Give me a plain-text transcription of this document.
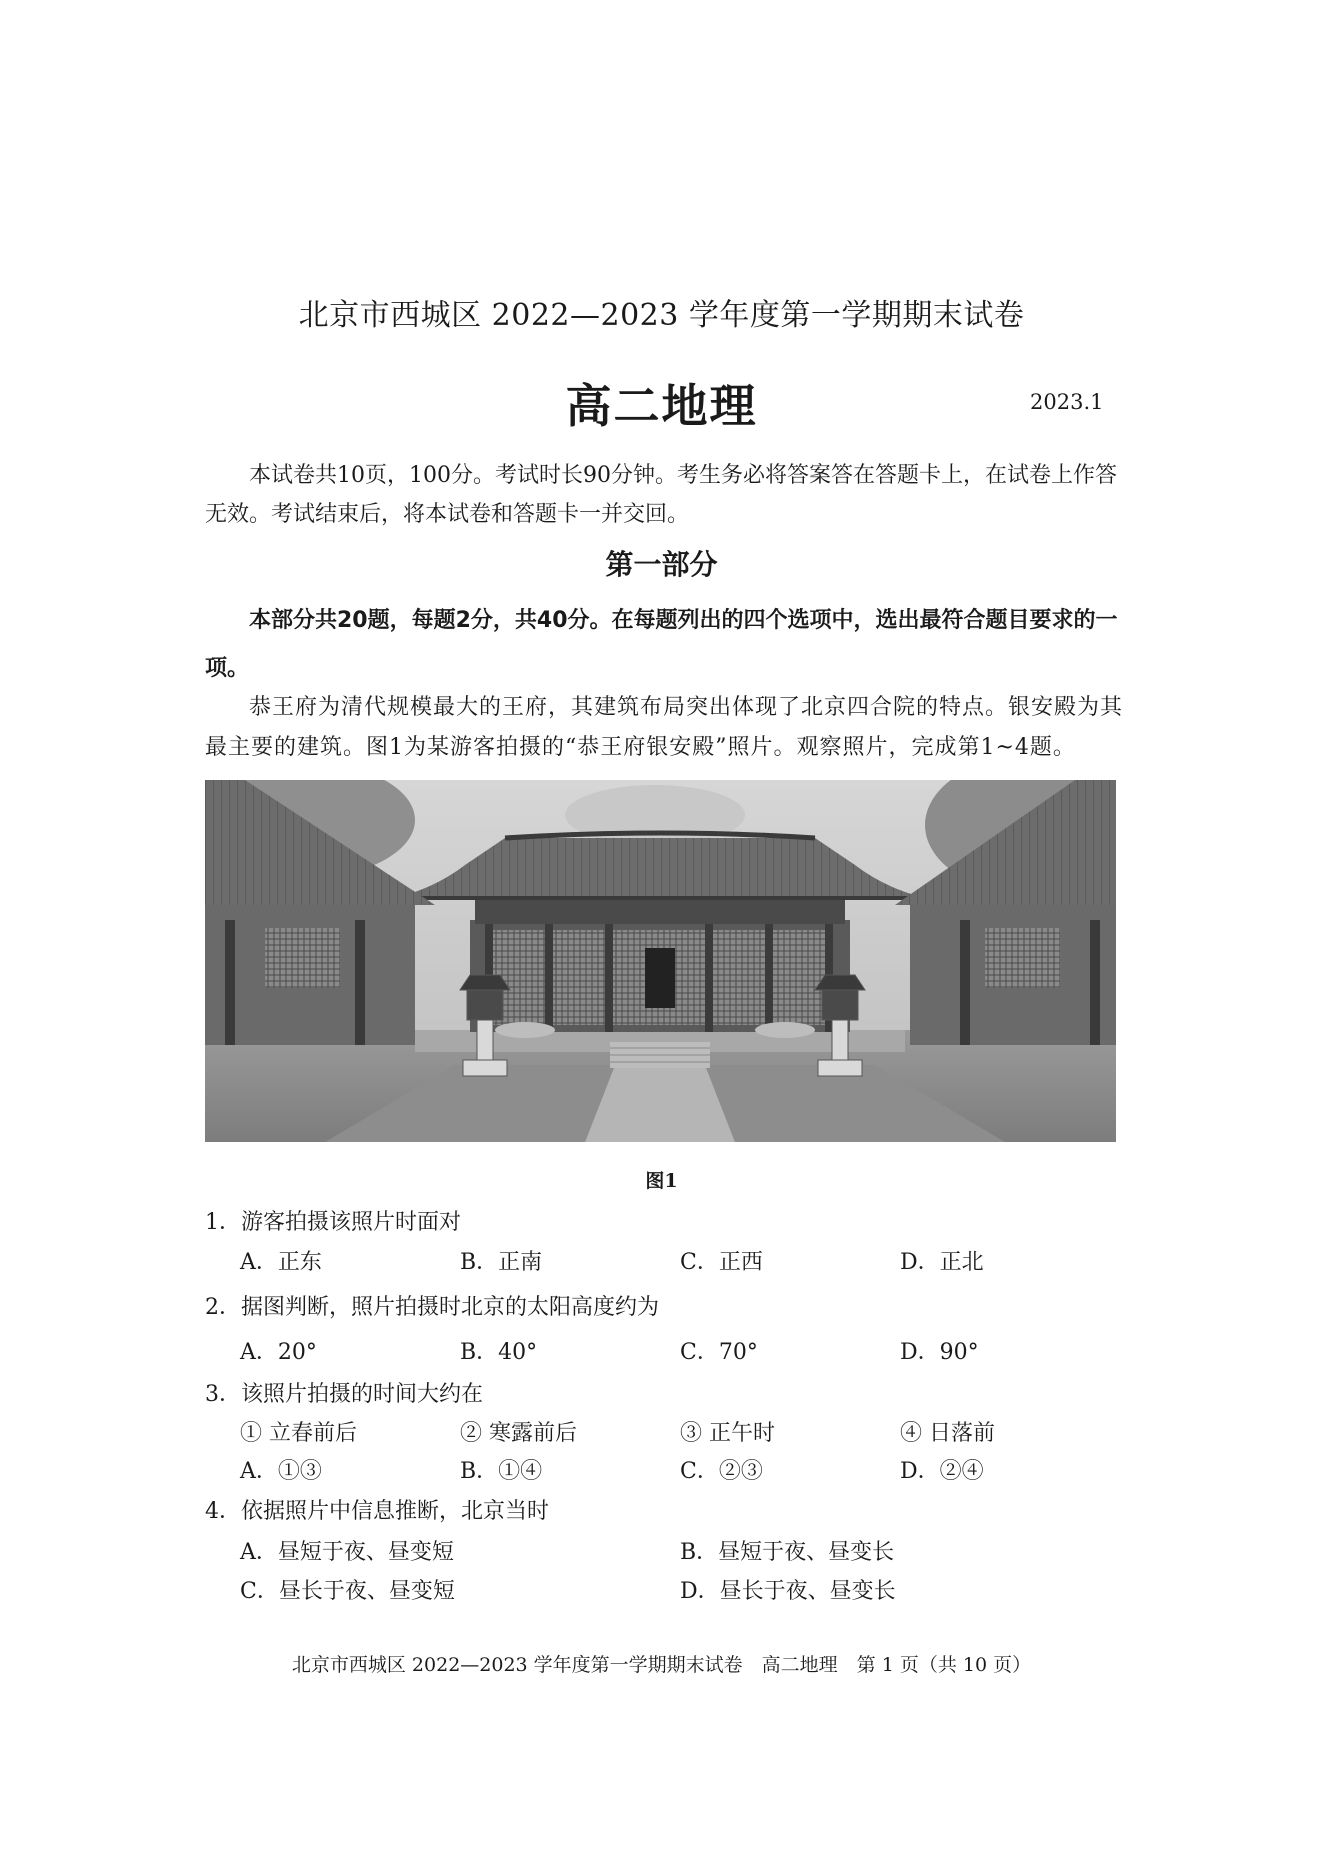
北京市西城区 2022—2023 学年度第一学期期末试卷
高二地理	2023.1
本试卷共10页，100分。考试时长90分钟。考生务必将答案答在答题卡上，在试卷上作答无效。考试结束后，将本试卷和答题卡一并交回。
第一部分
本部分共20题，每题2分，共40分。在每题列出的四个选项中，选出最符合题目要求的一项。
恭王府为清代规模最大的王府，其建筑布局突出体现了北京四合院的特点。银安殿为其最主要的建筑。图1为某游客拍摄的“恭王府银安殿”照片。观察照片，完成第1~4题。
图1
1．游客拍摄该照片时面对
A．正东	B．正南	C．正西	D．正北
2．据图判断，照片拍摄时北京的太阳高度约为
A．20°	B．40°	C．70°	D．90°
3．该照片拍摄的时间大约在
① 立春前后	② 寒露前后	③ 正午时	④ 日落前
A．①③	B．①④	C．②③	D．②④
4．依据照片中信息推断，北京当时
A．昼短于夜、昼变短	B．昼短于夜、昼变长
C．昼长于夜、昼变短	D．昼长于夜、昼变长
北京市西城区 2022—2023 学年度第一学期期末试卷　高二地理　第 1 页（共 10 页）
